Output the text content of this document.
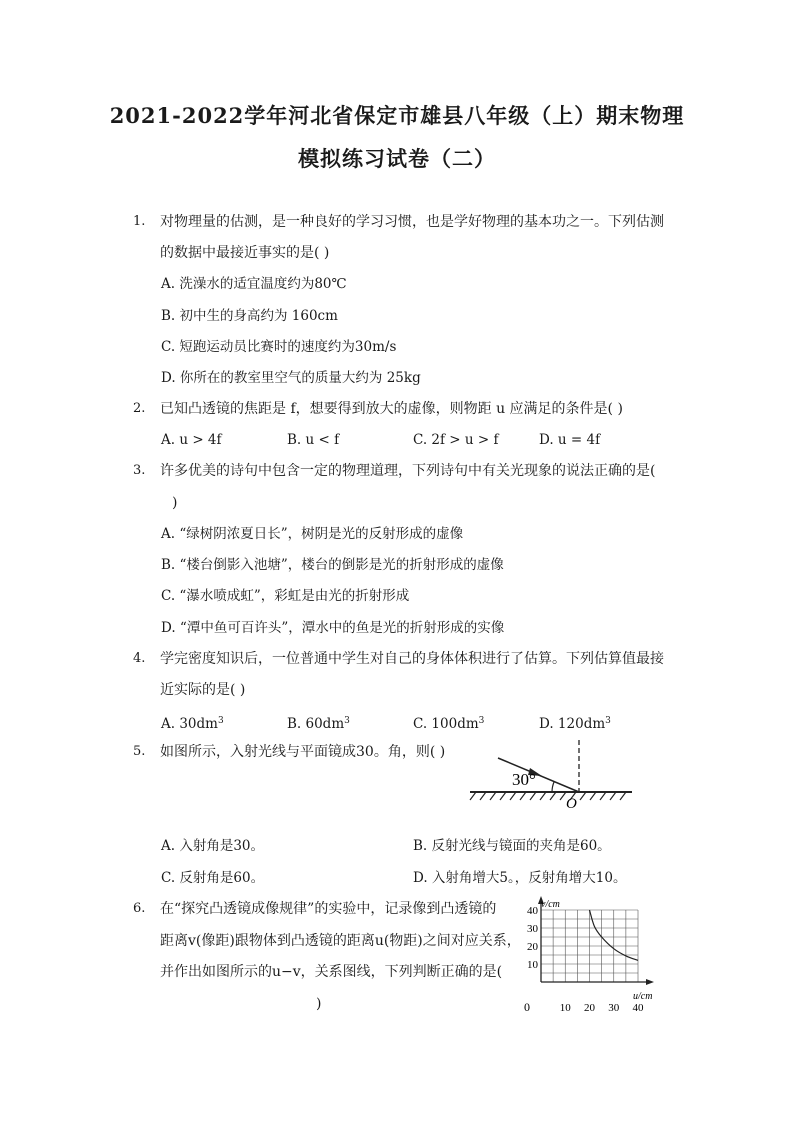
2021-2022学年河北省保定市雄县八年级（上）期末物理
模拟练习试卷（二）
1. 对物理量的估测，是一种良好的学习习惯，也是学好物理的基本功之一。下列估测
的数据中最接近事实的是( )
A. 洗澡水的适宜温度约为80℃
B. 初中生的身高约为 160cm
C. 短跑运动员比赛时的速度约为30m/s
D. 你所在的教室里空气的质量大约为 25kg
2. 已知凸透镜的焦距是 f，想要得到放大的虚像，则物距 u 应满足的条件是( )
A. u > 4f	B. u < f	C. 2f > u > f	D. u = 4f
3. 许多优美的诗句中包含一定的物理道理，下列诗句中有关光现象的说法正确的是(
)
A. “绿树阴浓夏日长”，树阴是光的反射形成的虚像
B. “楼台倒影入池塘”，楼台的倒影是光的折射形成的虚像
C. “瀑水喷成虹”，彩虹是由光的折射形成
D. “潭中鱼可百许头”，潭水中的鱼是光的折射形成的实像
4. 学完密度知识后，一位普通中学生对自己的身体体积进行了估算。下列估算值最接
近实际的是( )
A. $30dm^3$	B. $60dm^3$	C. $100dm^3$	D. $120dm^3$
5. 如图所示，入射光线与平面镜成30。角，则( )
30°
O
A. 入射角是30。	B. 反射光线与镜面的夹角是60。
C. 反射角是60。	D. 入射角增大5。，反射角增大10。
6. 在“探究凸透镜成像规律”的实验中，记录像到凸透镜的
距离v(像距)跟物体到凸透镜的距离u(物距)之间对应关系，
并作出如图所示的u−v，关系图线，下列判断正确的是(
)
40
30
20
10
10 20 30 40
0
v/cm
u/cm
